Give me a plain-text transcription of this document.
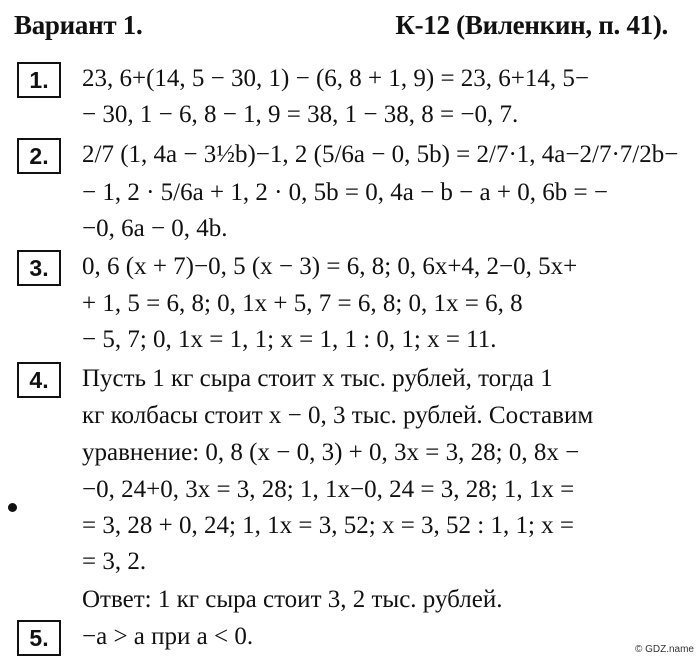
Вариант 1.	К-12 (Виленкин, п. 41).
1.	23, 6+(14, 5 − 30, 1) − (6, 8 + 1, 9) = 23, 6+14, 5−
− 30, 1 − 6, 8 − 1, 9 = 38, 1 − 38, 8 = −0, 7.
2.	2/7 (1, 4a − 3½b)−1, 2 (5/6a − 0, 5b) = 2/7·1, 4a−2/7·7/2b−
− 1, 2 · 5/6a + 1, 2 · 0, 5b = 0, 4a − b − a + 0, 6b = −
−0, 6a − 0, 4b.
3.	0, 6 (x + 7)−0, 5 (x − 3) = 6, 8; 0, 6x+4, 2−0, 5x+
+ 1, 5 = 6, 8; 0, 1x + 5, 7 = 6, 8; 0, 1x = 6, 8
− 5, 7; 0, 1x = 1, 1; x = 1, 1 : 0, 1; x = 11.
4.	Пусть 1 кг сыра стоит x тыс. рублей, тогда 1
кг колбасы стоит x − 0, 3 тыс. рублей. Составим
уравнение: 0, 8 (x − 0, 3) + 0, 3x = 3, 28; 0, 8x −
−0, 24+0, 3x = 3, 28; 1, 1x−0, 24 = 3, 28; 1, 1x =
= 3, 28 + 0, 24; 1, 1x = 3, 52; x = 3, 52 : 1, 1; x =
= 3, 2.
Ответ: 1 кг сыра стоит 3, 2 тыс. рублей.
5.	−a > a при a < 0.	© GDZ.name
